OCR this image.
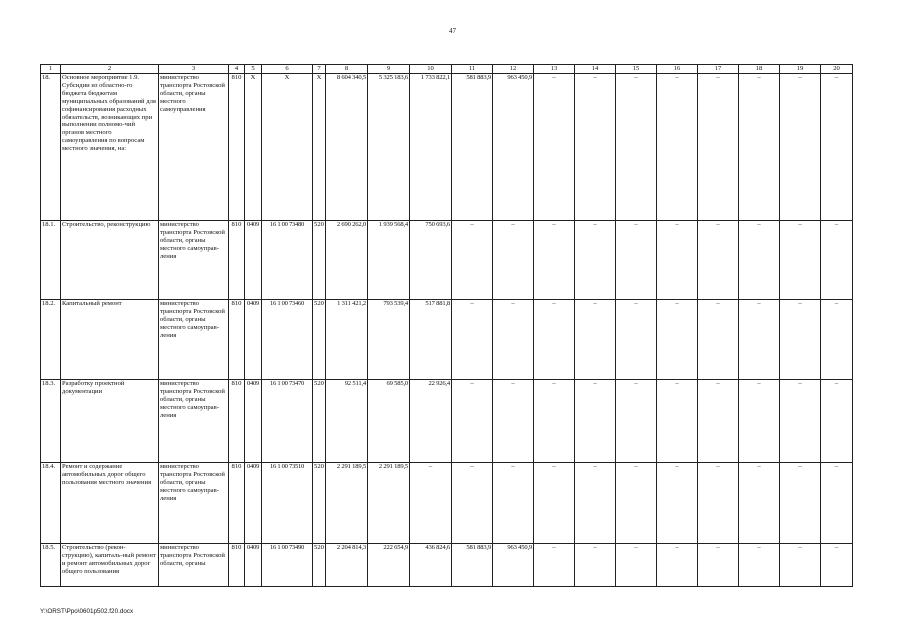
47
1	2	3	4	5	6	7	8	9	10	11	12	13	14	15	16	17	18	19	20
18.	Основное мероприятие 1.9. Субсидии из областно-го бюджета бюджетам муниципальных образований для софинансирования расходных обязательств, возникающих при выполнении полномо-чий органов местного самоуправления по вопросам местного значения, на:	министерство транспорта Ростовской области, органы местного самоуправления	810	Х	Х	Х	8 604 340,5	5 325 183,6	1 733 822,1	581 883,9	963 450,9	–	–	–	–	–	–	–	–
18.1.	Строительство, реконструкцию	министерство транспорта Ростовской области, органы местного самоуправ-ления	810	0409	16 1 00 73480	520	2 690 262,0	1 939 568,4	750 693,6	–	–	–	–	–	–	–	–	–	–
18.2.	Капитальный ремонт	министерство транспорта Ростовской области, органы местного самоуправ-ления	810	0409	16 1 00 73460	520	1 311 421,2	793 539,4	517 881,8	–	–	–	–	–	–	–	–	–	–
18.3.	Разработку проектной документации	министерство транспорта Ростовской области, органы местного самоуправ-ления	810	0409	16 1 00 73470	520	92 511,4	69 585,0	22 926,4	–	–	–	–	–	–	–	–	–	–
18.4.	Ремонт и содержание автомобильных дорог общего пользования местного значения	министерство транспорта Ростовской области, органы местного самоуправ-ления	810	0409	16 1 00 73510	520	2 291 189,5	2 291 189,5	–	–	–	–	–	–	–	–	–	–	–
18.5.	Строительство (рекон-струкцию), капиталь-ный ремонт и ремонт автомобильных дорог общего пользования	министерство транспорта Ростовской области, органы	810	0409	16 1 00 73490	520	2 204 814,3	222 654,9	436 824,6	581 883,9	963 450,9	–	–	–	–	–	–	–	–
Y:\ORST\Ppo\0601p502.f20.docx
